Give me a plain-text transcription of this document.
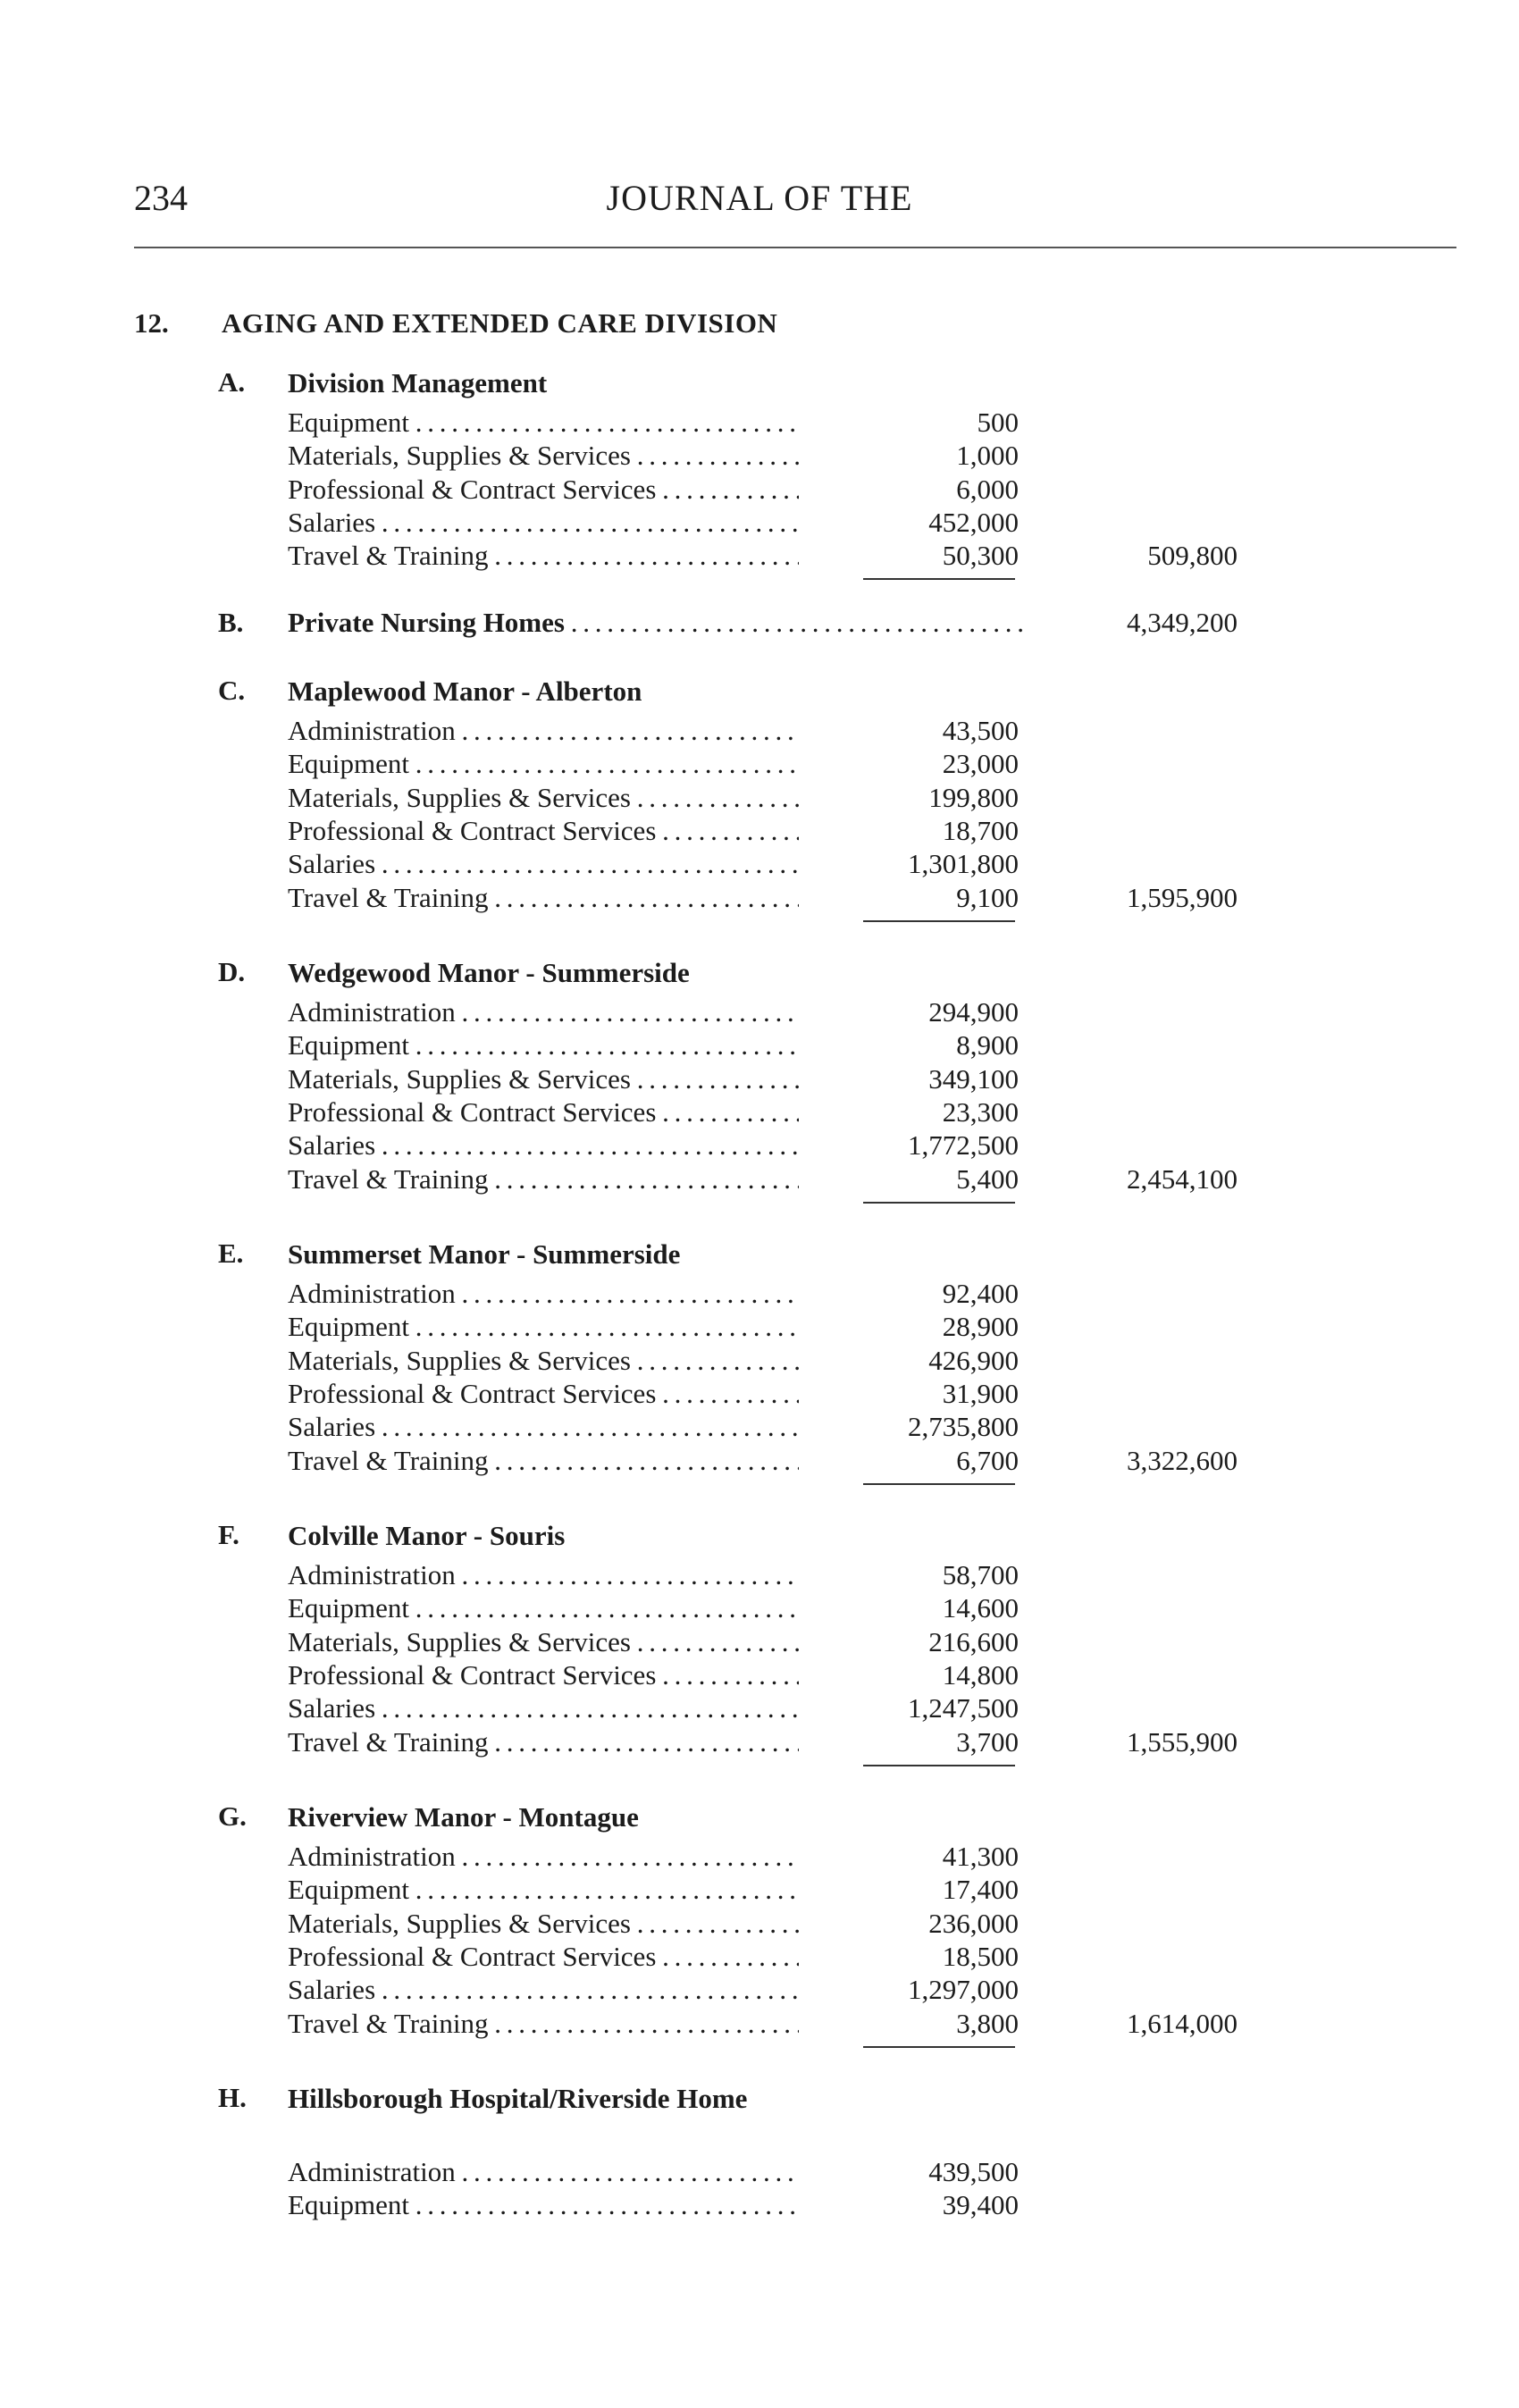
234	JOURNAL OF THE
12. AGING AND EXTENDED CARE DIVISION
A. Division Management
Equipment . . .	500
Materials, Supplies & Services . . .	1,000
Professional & Contract Services . . .	6,000
Salaries . . .	452,000
Travel & Training . . .	50,300	509,800
B. Private Nursing Homes . . .	4,349,200
C. Maplewood Manor - Alberton
Administration . . .	43,500
Equipment . . .	23,000
Materials, Supplies & Services . . .	199,800
Professional & Contract Services . . .	18,700
Salaries . . .	1,301,800
Travel & Training . . .	9,100	1,595,900
D. Wedgewood Manor - Summerside
Administration . . .	294,900
Equipment . . .	8,900
Materials, Supplies & Services . . .	349,100
Professional & Contract Services . . .	23,300
Salaries . . .	1,772,500
Travel & Training . . .	5,400	2,454,100
E. Summerset Manor - Summerside
Administration . . .	92,400
Equipment . . .	28,900
Materials, Supplies & Services . . .	426,900
Professional & Contract Services . . .	31,900
Salaries . . .	2,735,800
Travel & Training . . .	6,700	3,322,600
F. Colville Manor - Souris
Administration . . .	58,700
Equipment . . .	14,600
Materials, Supplies & Services . . .	216,600
Professional & Contract Services . . .	14,800
Salaries . . .	1,247,500
Travel & Training . . .	3,700	1,555,900
G. Riverview Manor - Montague
Administration . . .	41,300
Equipment . . .	17,400
Materials, Supplies & Services . . .	236,000
Professional & Contract Services . . .	18,500
Salaries . . .	1,297,000
Travel & Training . . .	3,800	1,614,000
H. Hillsborough Hospital/Riverside Home
Administration . . .	439,500
Equipment . . .	39,400
